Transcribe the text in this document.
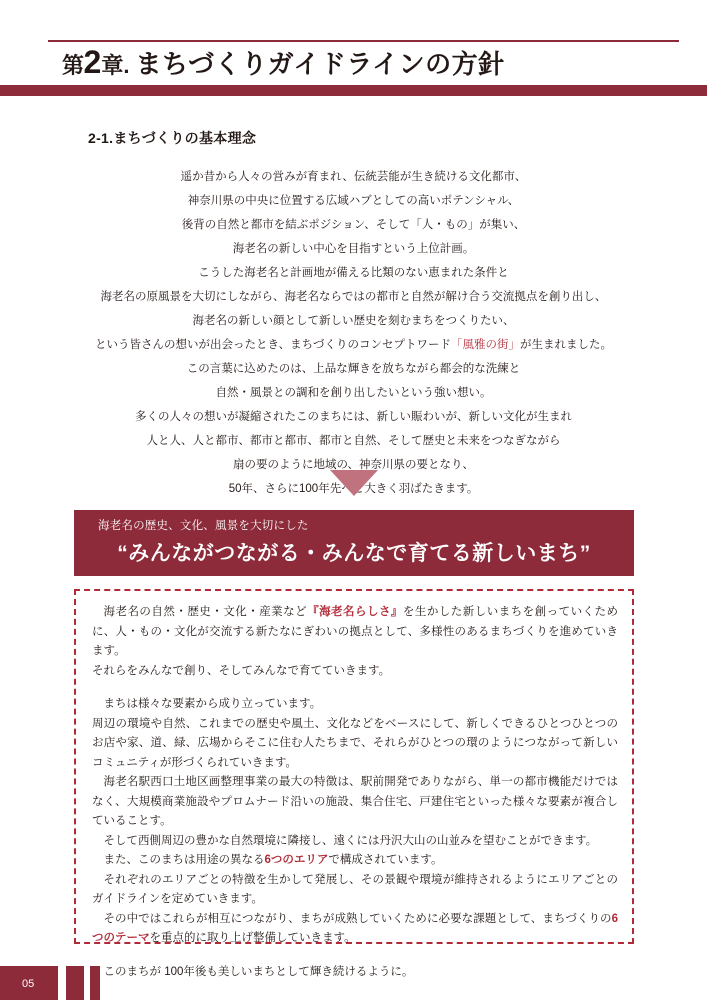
第 2 章. まちづくりガイドラインの方針
2-1.まちづくりの基本理念

遥か昔から人々の営みが育まれ、伝統芸能が生き続ける文化都市、

神奈川県の中央に位置する広域ハブとしての高いポテンシャル、

後背の自然と都市を結ぶポジション、そして「人・もの」が集い、

海老名の新しい中心を目指すという上位計画。

こうした海老名と計画地が備える比類のない恵まれた条件と

海老名の原風景を大切にしながら、海老名ならではの都市と自然が解け合う交流拠点を創り出し、

海老名の新しい顔として新しい歴史を刻むまちをつくりたい、

という皆さんの想いが出会ったとき、まちづくりのコンセプトワード「風雅の街」が生まれました。

この言葉に込めたのは、上品な輝きを放ちながら都会的な洗練と

自然・風景との調和を創り出したいという強い想い。

多くの人々の想いが凝縮されたこのまちには、新しい賑わいが、新しい文化が生まれ

人と人、人と都市、都市と都市、都市と自然、そして歴史と未来をつなぎながら

扇の要のように地域の、神奈川県の要となり、

50年、さらに100年先へと大きく羽ばたきます。

海老名の歴史、文化、風景を大切にした
“みんながつながる・みんなで育てる新しいまち”

海老名の自然・歴史・文化・産業など『海老名らしさ』を生かした新しいまちを創っていくために、人・もの・文化が交流する新たなにぎわいの拠点として、多様性のあるまちづくりを進めていきます。

それらをみんなで創り、そしてみんなで育てていきます。

まちは様々な要素から成り立っています。

周辺の環境や自然、これまでの歴史や風土、文化などをベースにして、新しくできるひとつひとつのお店や家、道、緑、広場からそこに住む人たちまで、それらがひとつの環のようにつながって新しいコミュニティが形づくられていきます。

海老名駅西口土地区画整理事業の最大の特徴は、駅前開発でありながら、単一の都市機能だけではなく、大規模商業施設やプロムナード沿いの施設、集合住宅、戸建住宅といった様々な要素が複合していることす。

そして西側周辺の豊かな自然環境に隣接し、遠くには丹沢大山の山並みを望むことができます。

また、このまちは用途の異なる6つのエリアで構成されています。

それぞれのエリアごとの特徴を生かして発展し、その景観や環境が維持されるようにエリアごとのガイドラインを定めていきます。

その中ではこれらが相互につながり、まちが成熟していくために必要な課題として、まちづくりの6つのテーマを重点的に取り上げ整備していきます。

このまちが 100年後も美しいまちとして輝き続けるように。

05
